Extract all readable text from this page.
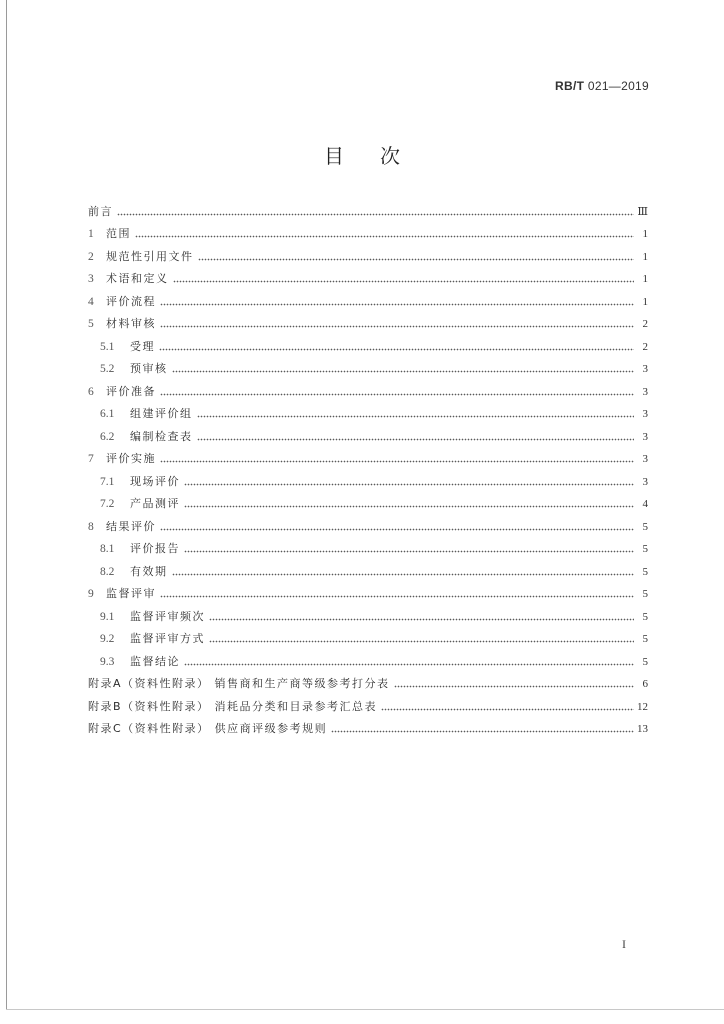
RB/T 021—2019
目次
前言	Ⅲ
1	范围	1
2	规范性引用文件	1
3	术语和定义	1
4	评价流程	1
5	材料审核	2
5.1	受理	2
5.2	预审核	3
6	评价准备	3
6.1	组建评价组	3
6.2	编制检查表	3
7	评价实施	3
7.1	现场评价	3
7.2	产品测评	4
8	结果评价	5
8.1	评价报告	5
8.2	有效期	5
9	监督评审	5
9.1	监督评审频次	5
9.2	监督评审方式	5
9.3	监督结论	5
附录A（资料性附录） 销售商和生产商等级参考打分表	6
附录B（资料性附录） 消耗品分类和目录参考汇总表	12
附录C（资料性附录） 供应商评级参考规则	13
I
